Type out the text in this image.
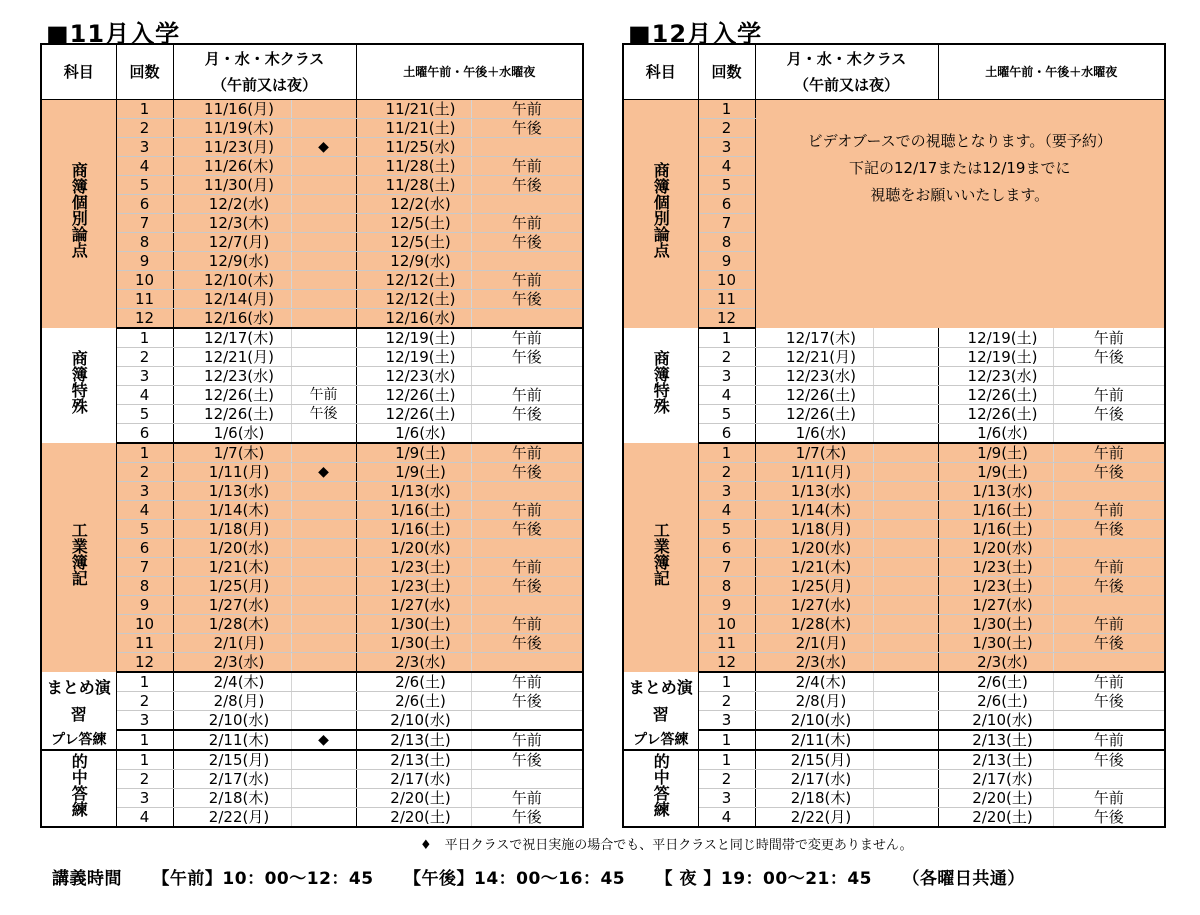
■11月入学	■12月入学
科目	回数	月・水・木クラス
（午前又は夜）		土曜午前・午後＋水曜夜	
商簿個別論点	1	11/16(月)		11/21(土)	午前
	2	11/19(木)		11/21(土)	午後
	3	11/23(月)	◆	11/25(水)	
	4	11/26(木)		11/28(土)	午前
	5	11/30(月)		11/28(土)	午後
	6	12/2(水)		12/2(水)	
	7	12/3(木)		12/5(土)	午前
	8	12/7(月)		12/5(土)	午後
	9	12/9(水)		12/9(水)	
	10	12/10(木)		12/12(土)	午前
	11	12/14(月)		12/12(土)	午後
	12	12/16(水)		12/16(水)	
商簿特殊	1	12/17(木)		12/19(土)	午前
	2	12/21(月)		12/19(土)	午後
	3	12/23(水)		12/23(水)	
	4	12/26(土)	午前	12/26(土)	午前
	5	12/26(土)	午後	12/26(土)	午後
	6	1/6(水)		1/6(水)	
工業簿記	1	1/7(木)		1/9(土)	午前
	2	1/11(月)	◆	1/9(土)	午後
	3	1/13(水)		1/13(水)	
	4	1/14(木)		1/16(土)	午前
	5	1/18(月)		1/16(土)	午後
	6	1/20(水)		1/20(水)	
	7	1/21(木)		1/23(土)	午前
	8	1/25(月)		1/23(土)	午後
	9	1/27(水)		1/27(水)	
	10	1/28(木)		1/30(土)	午前
	11	2/1(月)		1/30(土)	午後
	12	2/3(水)		2/3(水)	

まとめ演習	1	2/4(木)		2/6(土)	午前
	2	2/8(月)		2/6(土)	午後
	3	2/10(水)		2/10(水)	

プレ答練	1	2/11(木)	◆	2/13(土)	午前
的中答練	1	2/15(月)		2/13(土)	午後
	2	2/17(水)		2/17(水)	
	3	2/18(木)		2/20(土)	午前
	4	2/22(月)		2/20(土)	午後
科目	回数	月・水・木クラス
（午前又は夜）		土曜午前・午後＋水曜夜	
商簿個別論点	1	ビデオブースでの視聴となります。（要予約）
下記の12/17または12/19までに
視聴をお願いいたします。			
	2				
	3				
	4				
	5				
	6				
	7				
	8				
	9				
	10				
	11				
	12				
商簿特殊	1	12/17(木)		12/19(土)	午前
	2	12/21(月)		12/19(土)	午後
	3	12/23(水)		12/23(水)	
	4	12/26(土)		12/26(土)	午前
	5	12/26(土)		12/26(土)	午後
	6	1/6(水)		1/6(水)	
工業簿記	1	1/7(木)		1/9(土)	午前
	2	1/11(月)		1/9(土)	午後
	3	1/13(水)		1/13(水)	
	4	1/14(木)		1/16(土)	午前
	5	1/18(月)		1/16(土)	午後
	6	1/20(水)		1/20(水)	
	7	1/21(木)		1/23(土)	午前
	8	1/25(月)		1/23(土)	午後
	9	1/27(水)		1/27(水)	
	10	1/28(木)		1/30(土)	午前
	11	2/1(月)		1/30(土)	午後
	12	2/3(水)		2/3(水)	

まとめ演習	1	2/4(木)		2/6(土)	午前
	2	2/8(月)		2/6(土)	午後
	3	2/10(水)		2/10(水)	

プレ答練	1	2/11(木)		2/13(土)	午前
的中答練	1	2/15(月)		2/13(土)	午後
	2	2/17(水)		2/17(水)	
	3	2/18(木)		2/20(土)	午前
	4	2/22(月)		2/20(土)	午後
♦　平日クラスで祝日実施の場合でも、平日クラスと同じ時間帯で変更ありません。
講義時間 【午前】10：00～12：45 【午後】14：00～16：45 【 夜 】19：00～21：45 （各曜日共通）
